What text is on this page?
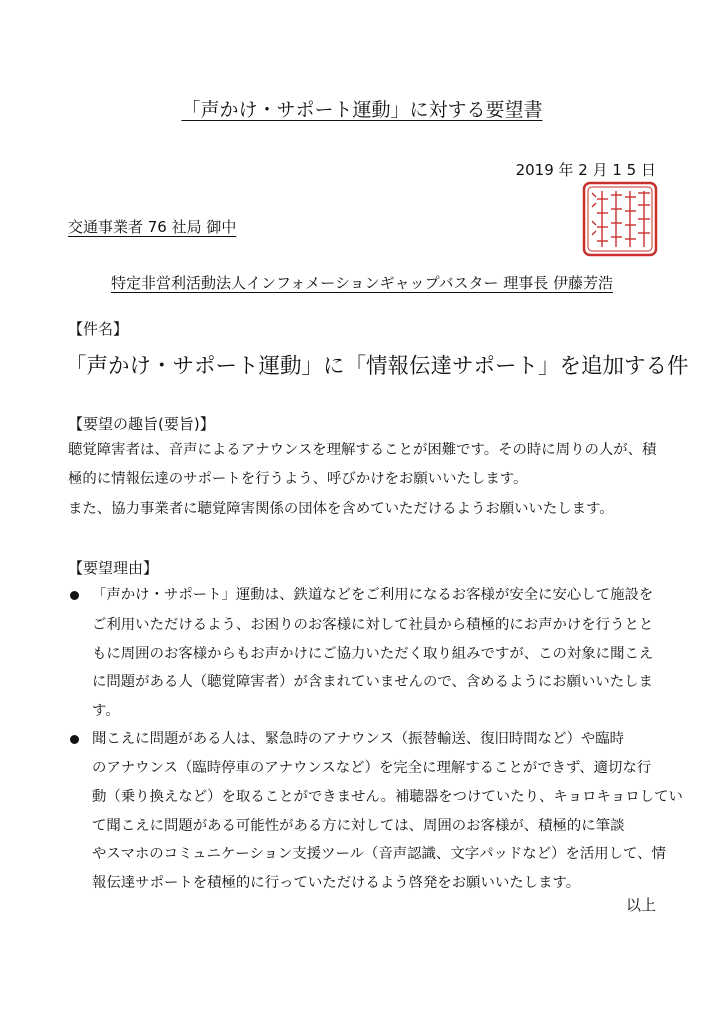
「声かけ・サポート運動」に対する要望書
2019 年 2 月 1 5 日
交通事業者 76 社局 御中
特定非営利活動法人インフォメーションギャップバスター 理事長 伊藤芳浩
【件名】
「声かけ・サポート運動」に「情報伝達サポート」を追加する件
【要望の趣旨(要旨)】
聴覚障害者は、音声によるアナウンスを理解することが困難です。その時に周りの人が、積
極的に情報伝達のサポートを行うよう、呼びかけをお願いいたします。
また、協力事業者に聴覚障害関係の団体を含めていただけるようお願いいたします。
【要望理由】
「声かけ・サポート」運動は、鉄道などをご利用になるお客様が安全に安心して施設を
ご利用いただけるよう、お困りのお客様に対して社員から積極的にお声かけを行うとと
もに周囲のお客様からもお声かけにご協力いただく取り組みですが、この対象に聞こえ
に問題がある人（聴覚障害者）が含まれていませんので、含めるようにお願いいたしま
す。
聞こえに問題がある人は、緊急時のアナウンス（振替輸送、復旧時間など）や臨時
のアナウンス（臨時停車のアナウンスなど）を完全に理解することができず、適切な行
動（乗り換えなど）を取ることができません。補聴器をつけていたり、キョロキョロしてい
て聞こえに問題がある可能性がある方に対しては、周囲のお客様が、積極的に筆談
やスマホのコミュニケーション支援ツール（音声認識、文字パッドなど）を活用して、情
報伝達サポートを積極的に行っていただけるよう啓発をお願いいたします。
以上
